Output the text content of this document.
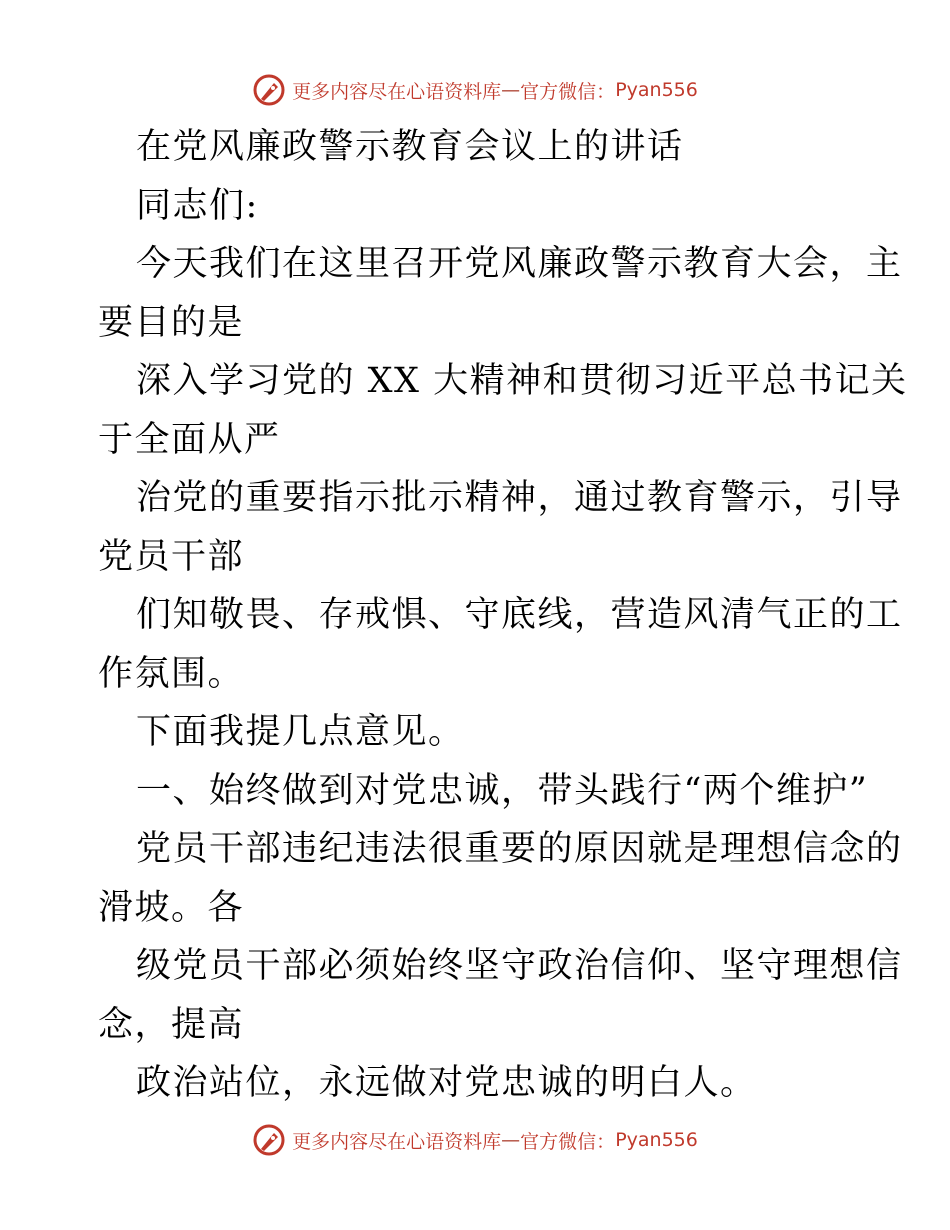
更多内容尽在心语资料库 — 官方微信： Pyan556
在党风廉政警示教育会议上的讲话
同志们:
今天我们在这里召开党风廉政警示教育大会，主
要目的是
深入学习党的 XX 大精神和贯彻习近平总书记关
于全面从严
治党的重要指示批示精神，通过教育警示，引导
党员干部
们知敬畏、存戒惧、守底线，营造风清气正的工
作氛围。
下面我提几点意见。
一、始终做到对党忠诚，带头践行“两个维护”
党员干部违纪违法很重要的原因就是理想信念的
滑坡。各
级党员干部必须始终坚守政治信仰、坚守理想信
念，提高
政治站位，永远做对党忠诚的明白人。
更多内容尽在心语资料库 — 官方微信： Pyan556
